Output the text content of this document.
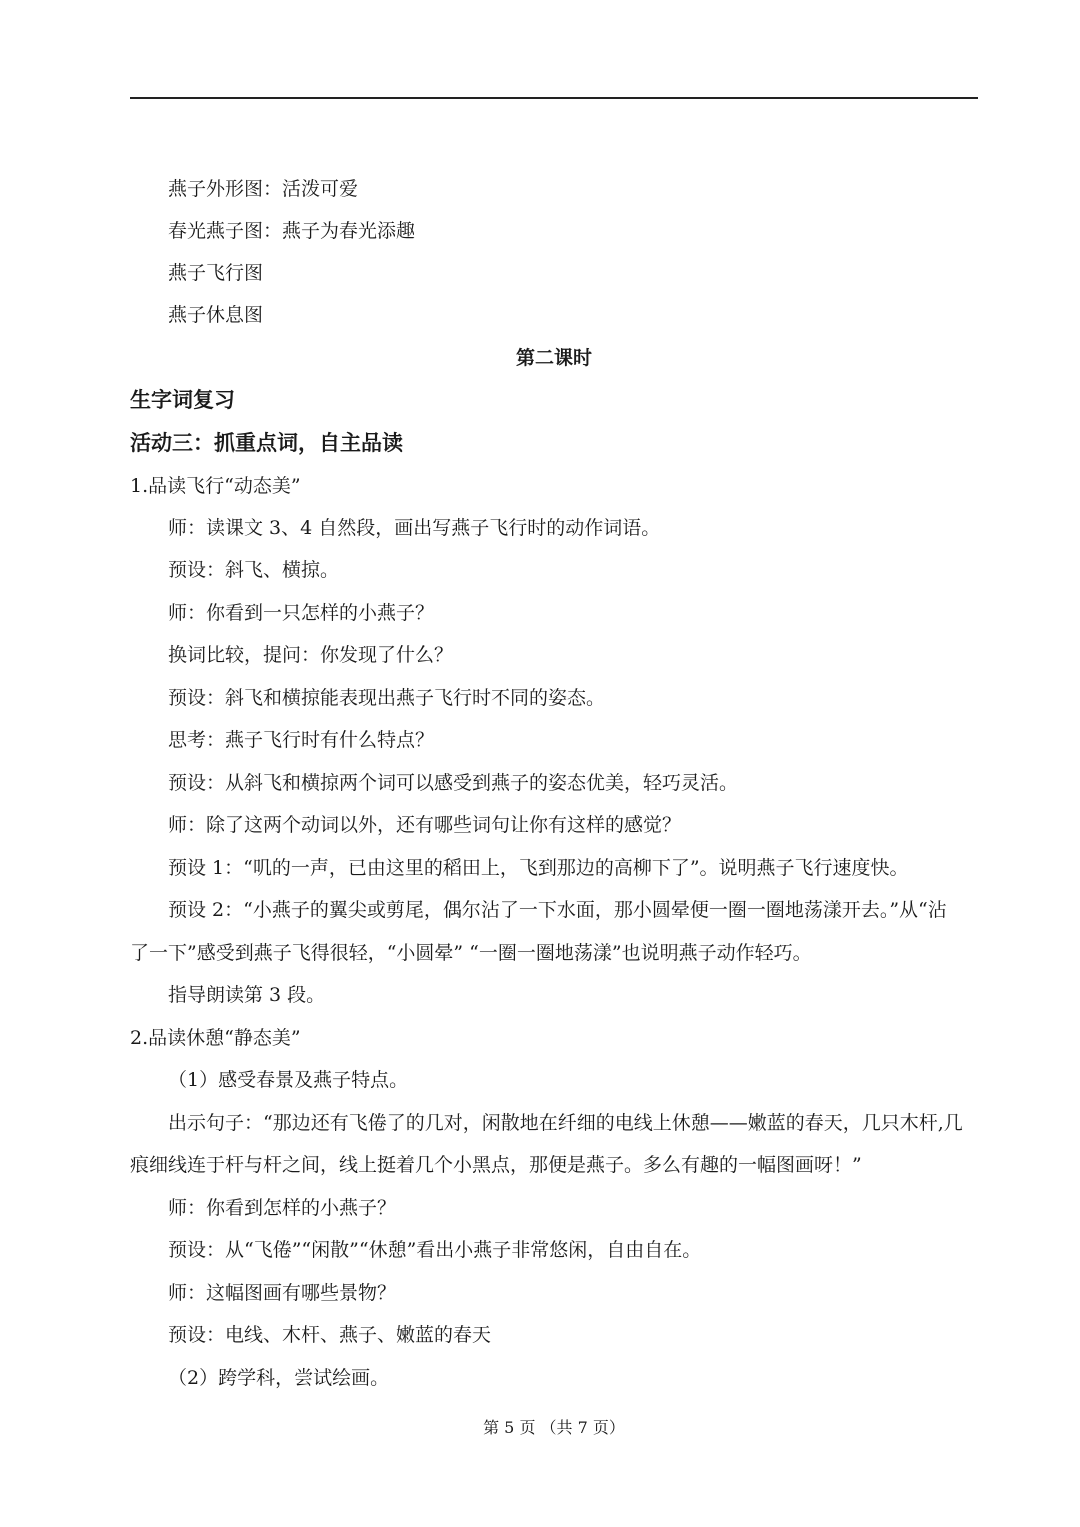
燕子外形图：活泼可爱
春光燕子图：燕子为春光添趣
燕子飞行图
燕子休息图
第二课时
生字词复习
活动三：抓重点词，自主品读
1.品读飞行“动态美”
师：读课文 3、4 自然段，画出写燕子飞行时的动作词语。
预设：斜飞、横掠。
师：你看到一只怎样的小燕子？
换词比较，提问：你发现了什么？
预设：斜飞和横掠能表现出燕子飞行时不同的姿态。
思考：燕子飞行时有什么特点？
预设：从斜飞和横掠两个词可以感受到燕子的姿态优美，轻巧灵活。
师：除了这两个动词以外，还有哪些词句让你有这样的感觉？
预设 1：“叽的一声，已由这里的稻田上，飞到那边的高柳下了”。说明燕子飞行速度快。
预设 2：“小燕子的翼尖或剪尾，偶尔沾了一下水面，那小圆晕便一圈一圈地荡漾开去。”从“沾
了一下”感受到燕子飞得很轻，“小圆晕” “一圈一圈地荡漾”也说明燕子动作轻巧。
指导朗读第 3 段。
2.品读休憩“静态美”
（1）感受春景及燕子特点。
出示句子：“那边还有飞倦了的几对，闲散地在纤细的电线上休憩——嫩蓝的春天，几只木杆,几
痕细线连于杆与杆之间，线上挺着几个小黑点，那便是燕子。多么有趣的一幅图画呀！”
师：你看到怎样的小燕子？
预设：从“飞倦”“闲散”“休憩”看出小燕子非常悠闲，自由自在。
师：这幅图画有哪些景物？
预设：电线、木杆、燕子、嫩蓝的春天
（2）跨学科，尝试绘画。
第 5 页 （共 7 页）
